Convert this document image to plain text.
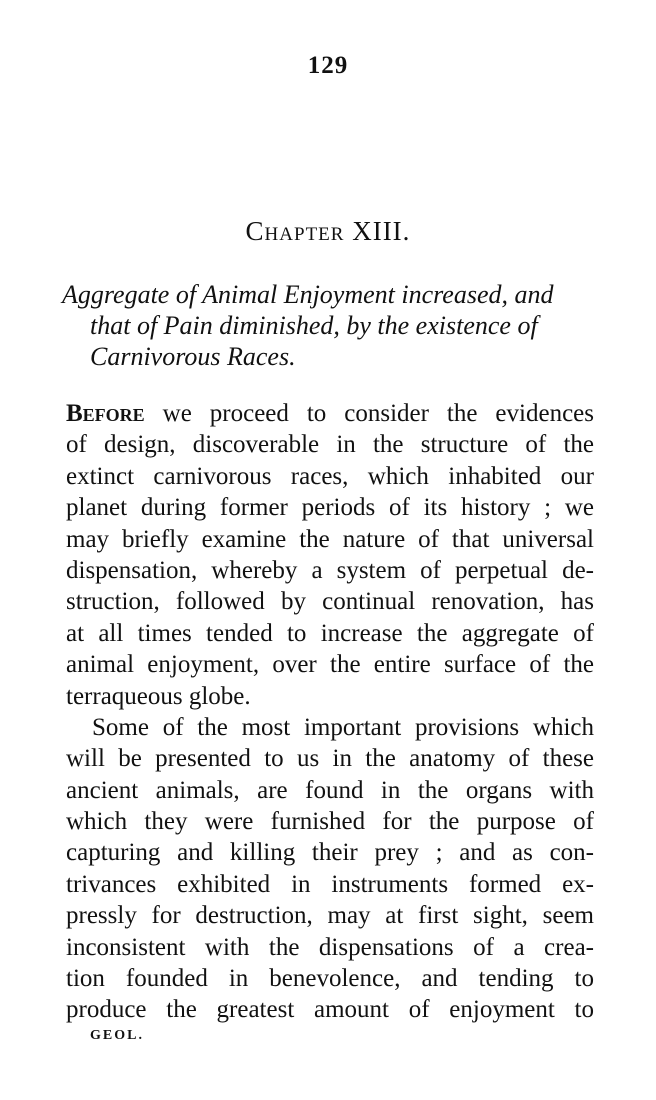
129
Chapter XIII.
Aggregate of Animal Enjoyment increased, and
that of Pain diminished, by the existence of
Carnivorous Races.
Before we proceed to consider the evidences
of design, discoverable in the structure of the
extinct carnivorous races, which inhabited our
planet during former periods of its history ; we
may briefly examine the nature of that universal
dispensation, whereby a system of perpetual de-
struction, followed by continual renovation, has
at all times tended to increase the aggregate of
animal enjoyment, over the entire surface of the
terraqueous globe.
Some of the most important provisions which
will be presented to us in the anatomy of these
ancient animals, are found in the organs with
which they were furnished for the purpose of
capturing and killing their prey ; and as con-
trivances exhibited in instruments formed ex-
pressly for destruction, may at first sight, seem
inconsistent with the dispensations of a crea-
tion founded in benevolence, and tending to
produce the greatest amount of enjoyment to
GEOL.
